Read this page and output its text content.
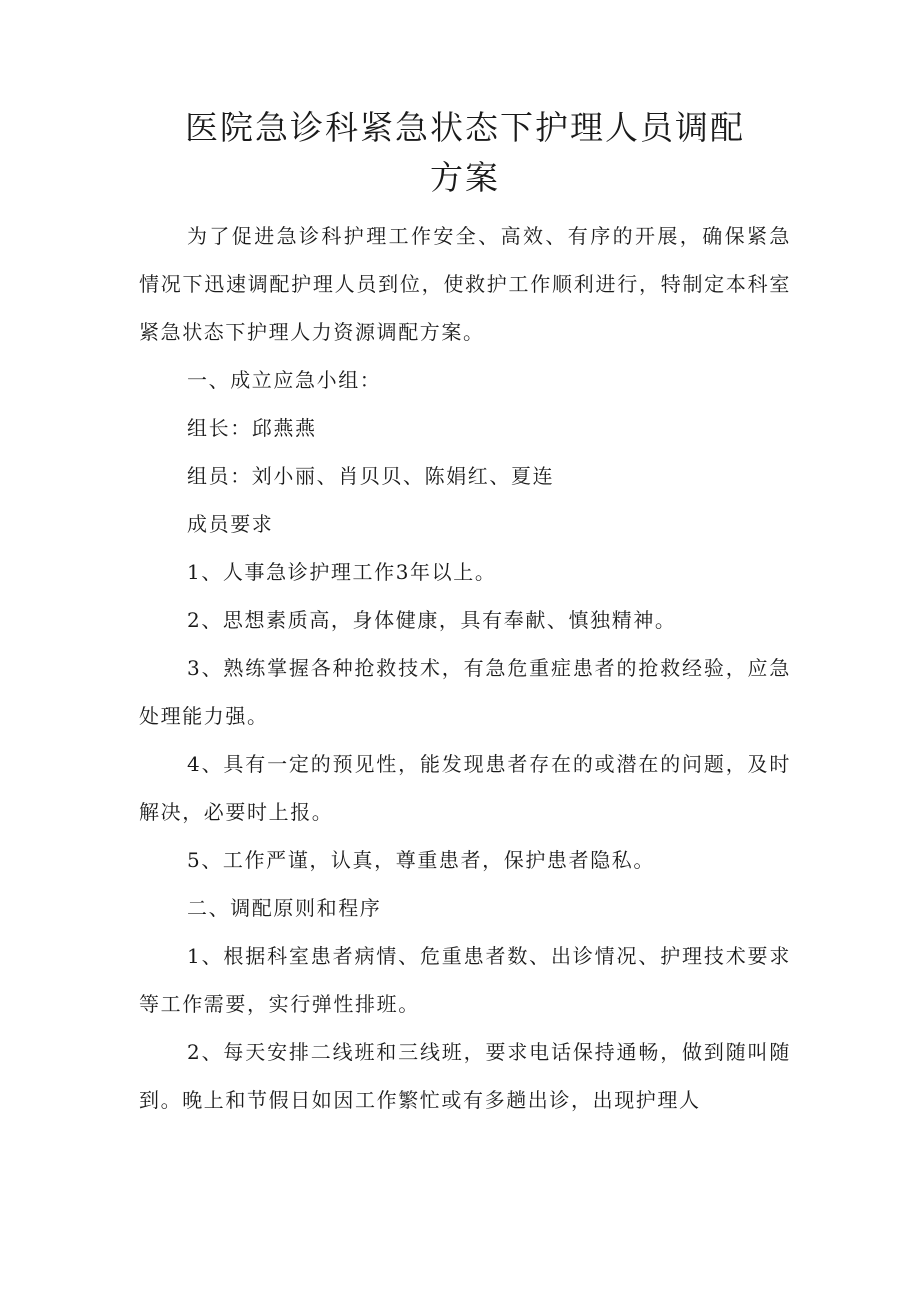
医院急诊科紧急状态下护理人员调配
方案

为了促进急诊科护理工作安全、高效、有序的开展，确保紧急情况下迅速调配护理人员到位，使救护工作顺利进行，特制定本科室紧急状态下护理人力资源调配方案。

一、成立应急小组：

组长：邱燕燕

组员：刘小丽、肖贝贝、陈娟红、夏连

成员要求

1、人事急诊护理工作3年以上。

2、思想素质高，身体健康，具有奉献、慎独精神。

3、熟练掌握各种抢救技术，有急危重症患者的抢救经验，应急处理能力强。

4、具有一定的预见性，能发现患者存在的或潜在的问题，及时解决，必要时上报。

5、工作严谨，认真，尊重患者，保护患者隐私。

二、调配原则和程序

1、根据科室患者病情、危重患者数、出诊情况、护理技术要求等工作需要，实行弹性排班。

2、每天安排二线班和三线班，要求电话保持通畅，做到随叫随到。晚上和节假日如因工作繁忙或有多趟出诊，出现护理人
